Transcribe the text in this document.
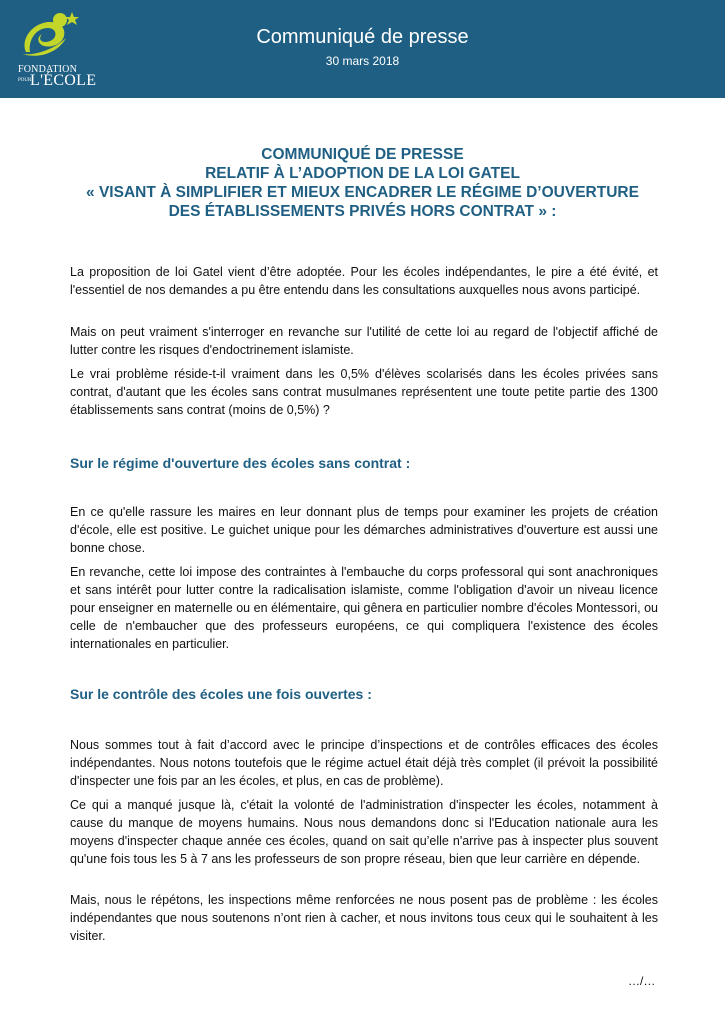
FONDATION
POUR
L'ÉCOLE
Communiqué de presse
30 mars 2018
COMMUNIQUÉ DE PRESSE
RELATIF À L’ADOPTION DE LA LOI GATEL
« VISANT À SIMPLIFIER ET MIEUX ENCADRER LE RÉGIME D’OUVERTURE
DES ÉTABLISSEMENTS PRIVÉS HORS CONTRAT » :

La proposition de loi Gatel vient d’être adoptée. Pour les écoles indépendantes, le pire a été évité, et l'essentiel de nos demandes a pu être entendu dans les consultations auxquelles nous avons participé.

Mais on peut vraiment s'interroger en revanche sur l'utilité de cette loi au regard de l'objectif affiché de lutter contre les risques d'endoctrinement islamiste.

Le vrai problème réside-t-il vraiment dans les 0,5% d'élèves scolarisés dans les écoles privées sans contrat, d'autant que les écoles sans contrat musulmanes représentent une toute petite partie des 1300 établissements sans contrat (moins de 0,5%) ?

Sur le régime d'ouverture des écoles sans contrat :

En ce qu'elle rassure les maires en leur donnant plus de temps pour examiner les projets de création d'école, elle est positive. Le guichet unique pour les démarches administratives d'ouverture est aussi une bonne chose.

En revanche, cette loi impose des contraintes à l'embauche du corps professoral qui sont anachroniques et sans intérêt pour lutter contre la radicalisation islamiste, comme l'obligation d'avoir un niveau licence pour enseigner en maternelle ou en élémentaire, qui gênera en particulier nombre d'écoles Montessori, ou celle de n'embaucher que des professeurs européens, ce qui compliquera l'existence des écoles internationales en particulier.

Sur le contrôle des écoles une fois ouvertes :

Nous sommes tout à fait d’accord avec le principe d’inspections et de contrôles efficaces des écoles indépendantes. Nous notons toutefois que le régime actuel était déjà très complet (il prévoit la possibilité d'inspecter une fois par an les écoles, et plus, en cas de problème).

Ce qui a manqué jusque là, c'était la volonté de l'administration d'inspecter les écoles, notamment à cause du manque de moyens humains. Nous nous demandons donc si l'Education nationale aura les moyens d'inspecter chaque année ces écoles, quand on sait qu’elle n'arrive pas à inspecter plus souvent qu'une fois tous les 5 à 7 ans les professeurs de son propre réseau, bien que leur carrière en dépende.

Mais, nous le répétons, les inspections même renforcées ne nous posent pas de problème : les écoles indépendantes que nous soutenons n’ont rien à cacher, et nous invitons tous ceux qui le souhaitent à les visiter.

…/…
